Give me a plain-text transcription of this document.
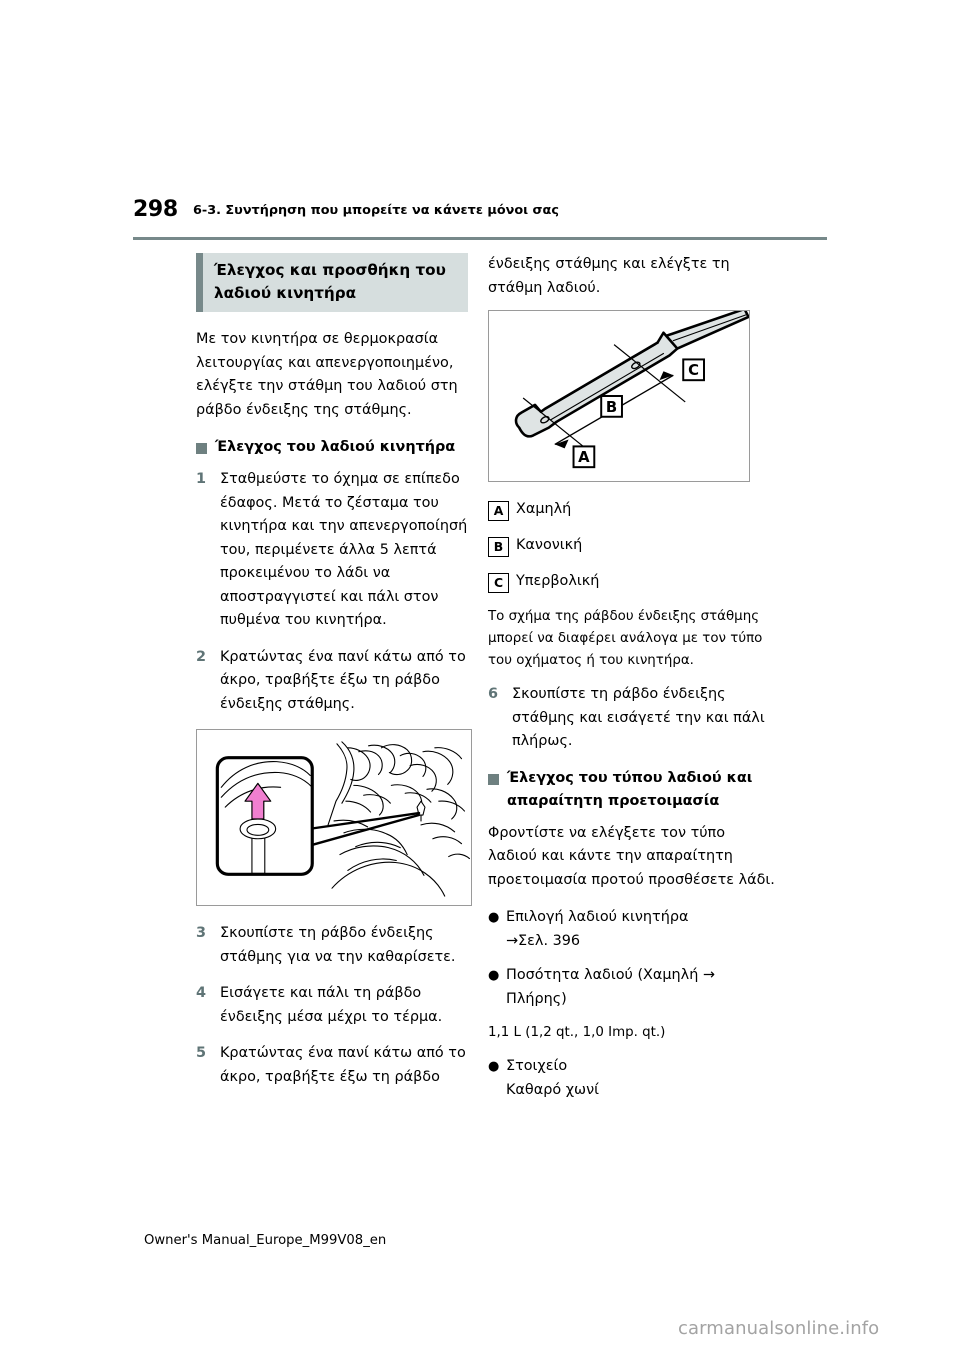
298 6-3. Συντήρηση που μπορείτε να κάνετε μόνοι σας
Έλεγχος και προσθήκη του
λαδιού κινητήρα

Με τον κινητήρα σε θερμοκρασία λειτουργίας και απενεργοποιημένο, ελέγξτε την στάθμη του λαδιού στη ράβδο ένδειξης της στάθμης.

Έλεγχος του λαδιού κινητήρα
1 Σταθμεύστε το όχημα σε επίπεδο έδαφος. Μετά το ζέσταμα του κινητήρα και την απενεργοποίησή του, περιμένετε άλλα 5 λεπτά προκειμένου το λάδι να αποστραγγιστεί και πάλι στον πυθμένα του κινητήρα.
2 Κρατώντας ένα πανί κάτω από το άκρο, τραβήξτε έξω τη ράβδο ένδειξης στάθμης.
3 Σκουπίστε τη ράβδο ένδειξης στάθμης για να την καθαρίσετε.
4 Εισάγετε και πάλι τη ράβδο ένδειξης μέσα μέχρι το τέρμα.
5 Κρατώντας ένα πανί κάτω από το άκρο, τραβήξτε έξω τη ράβδο

ένδειξης στάθμης και ελέγξτε τη στάθμη λαδιού.

B
C
A
A Χαμηλή
B Κανονική
C Υπερβολική

Το σχήμα της ράβδου ένδειξης στάθμης μπορεί να διαφέρει ανάλογα με τον τύπο του οχήματος ή του κινητήρα.

6 Σκουπίστε τη ράβδο ένδειξης στάθμης και εισάγετέ την και πάλι πλήρως.
Έλεγχος του τύπου λαδιού και
απαραίτητη προετοιμασία

Φροντίστε να ελέγξετε τον τύπο λαδιού και κάντε την απαραίτητη προετοιμασία προτού προσθέσετε λάδι.

● Επιλογή λαδιού κινητήρα
→Σελ. 396
● Ποσότητα λαδιού (Χαμηλή →
Πλήρης)

1,1 L (1,2 qt., 1,0 Imp. qt.)

● Στοιχείο
Καθαρό χωνί
Owner's Manual_Europe_M99V08_en
carmanualsonline.info
